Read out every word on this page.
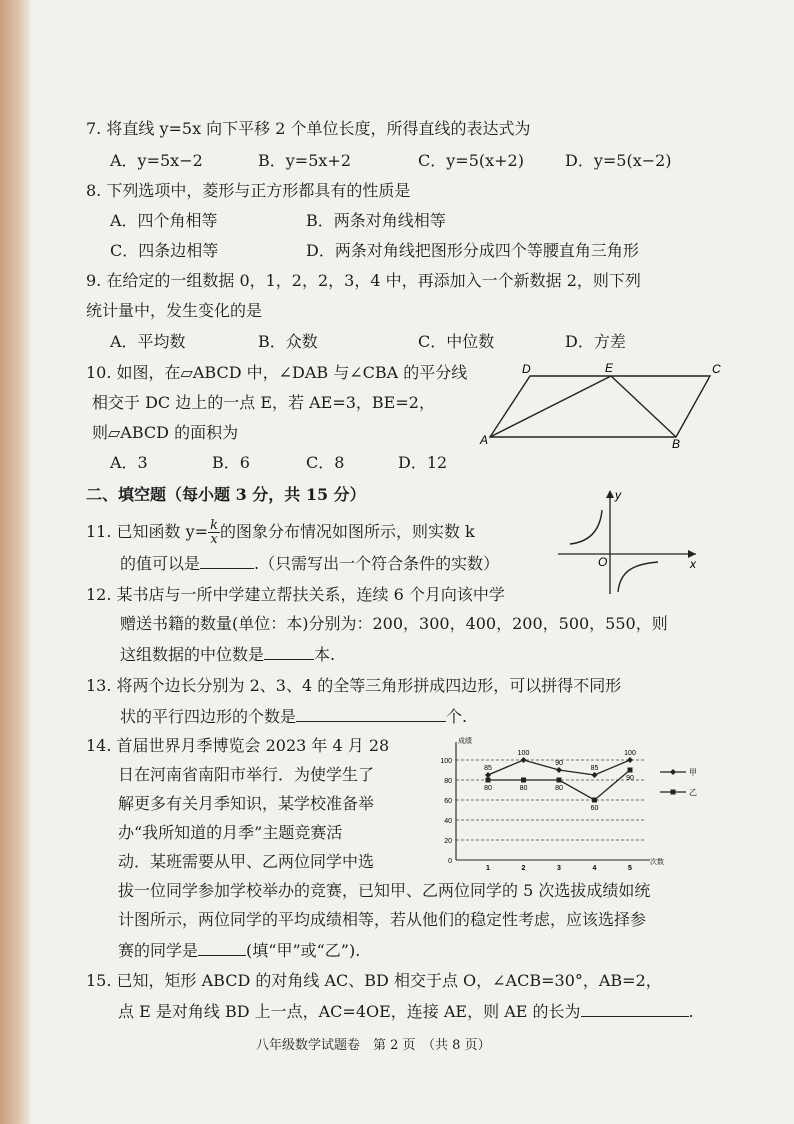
7. 将直线 y=5x 向下平移 2 个单位长度，所得直线的表达式为
A．y=5x−2	B．y=5x+2	C．y=5(x+2)	D．y=5(x−2)
8. 下列选项中，菱形与正方形都具有的性质是
A．四个角相等	B．两条对角线相等
C．四条边相等	D．两条对角线把图形分成四个等腰直角三角形
9. 在给定的一组数据 0，1，2，2，3，4 中，再添加入一个新数据 2，则下列
统计量中，发生变化的是
A．平均数	B．众数	C．中位数	D．方差
10. 如图，在▱ABCD 中，∠DAB 与∠CBA 的平分线
相交于 DC 边上的一点 E，若 AE=3，BE=2，
则▱ABCD 的面积为
A．3	B．6	C．8	D．12
D	E	C
A	B
二、填空题（每小题 3 分，共 15 分）
11. 已知函数 $y= \frac{k}{x}$ 的图象分布情况如图所示，则实数 k
的值可以是	.（只需写出一个符合条件的实数）
y
x
O
12. 某书店与一所中学建立帮扶关系，连续 6 个月向该中学
赠送书籍的数量(单位：本)分别为：200，300，400，200，500，550，则
这组数据的中位数是	本.
13. 将两个边长分别为 2、3、4 的全等三角形拼成四边形，可以拼得不同形
状的平行四边形的个数是	个.
14. 首届世界月季博览会 2023 年 4 月 28
日在河南省南阳市举行．为使学生了
解更多有关月季知识，某学校准备举
办“我所知道的月季”主题竞赛活
动．某班需要从甲、乙两位同学中选
拔一位同学参加学校举办的竞赛，已知甲、乙两位同学的 5 次选拔成绩如统
计图所示，两位同学的平均成绩相等，若从他们的稳定性考虑，应该选择参
赛的同学是	(填“甲”或“乙”).
0
20
40
60
80
100
成绩
次数
1	2	3	4	5
85
100
90
85
100
80	80	80
60
90
甲
乙
15. 已知，矩形 ABCD 的对角线 AC、BD 相交于点 O，∠ACB=30°，AB=2，
点 E 是对角线 BD 上一点，AC=4OE，连接 AE，则 AE 的长为	.
八年级数学试题卷　第 2 页　（共 8 页）
